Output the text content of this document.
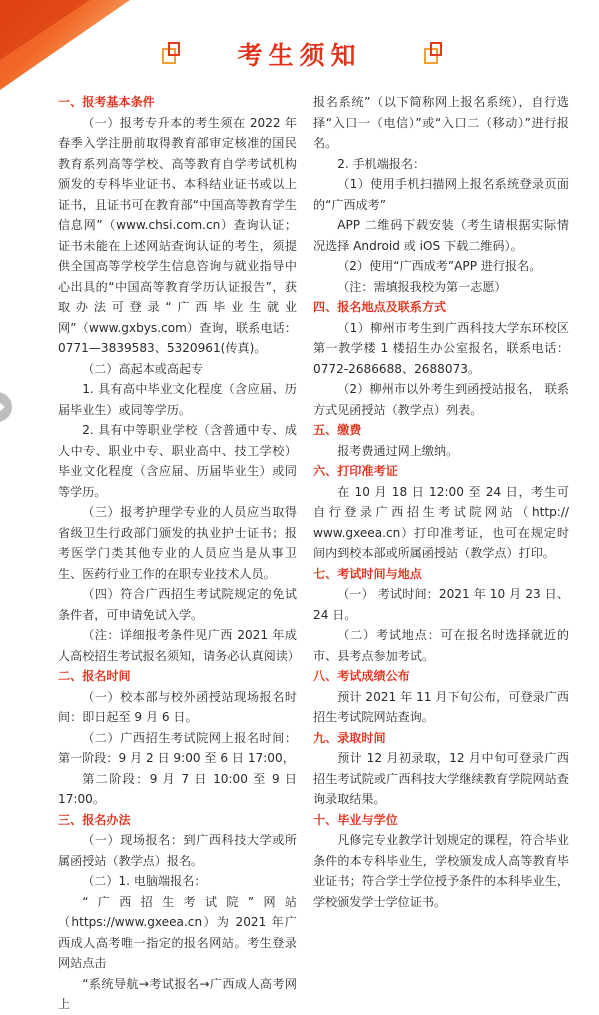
考生须知

一、报考基本条件

（一）报考专升本的考生须在 2022 年春季入学注册前取得教育部审定核准的国民教育系列高等学校、高等教育自学考试机构颁发的专科毕业证书、本科结业证书或以上证书，且证书可在教育部“中国高等教育学生信息网”（www.chsi.com.cn）查询认证；证书未能在上述网站查询认证的考生，须提供全国高等学校学生信息咨询与就业指导中心出具的“中国高等教育学历认证报告”，获取办法可登录“广西毕业生就业网”（www.gxbys.com）查询，联系电话：0771—3839583、5320961(传真)。

（二）高起本或高起专

1. 具有高中毕业文化程度（含应届、历届毕业生）或同等学历。

2. 具有中等职业学校（含普通中专、成人中专、职业中专、职业高中、技工学校） 毕业文化程度（含应届、历届毕业生）或同等学历。

（三）报考护理学专业的人员应当取得省级卫生行政部门颁发的执业护士证书；报考医学门类其他专业的人员应当是从事卫生、医药行业工作的在职专业技术人员。

（四）符合广西招生考试院规定的免试条件者，可申请免试入学。

（注：详细报考条件见广西 2021 年成人高校招生考试报名须知，请务必认真阅读）

二、报名时间

（一）校本部与校外函授站现场报名时间：即日起至 9 月 6 日。

（二）广西招生考试院网上报名时间：第一阶段：9 月 2 日 9:00 至 6 日 17:00，

第二阶段：9 月 7 日 10:00 至 9 日 17:00。

三、报名办法

（一）现场报名：到广西科技大学或所属函授站（教学点）报名。

（二）1. 电脑端报名：

“广西招生考试院”网站（https://www.gxeea.cn）为 2021 年广西成人高考唯一指定的报名网站。考生登录网站点击

“系统导航→考试报名→广西成人高考网上

报名系统”（以下简称网上报名系统），自行选择“入口一（电信）”或“入口二（移动）”进行报名。

2. 手机端报名：

（1）使用手机扫描网上报名系统登录页面的“广西成考”

APP 二维码下载安装（考生请根据实际情况选择 Android 或 iOS 下载二维码）。

（2）使用“广西成考”APP 进行报名。

（注：需填报我校为第一志愿）

四、报名地点及联系方式

（1）柳州市考生到广西科技大学东环校区第一教学楼 1 楼招生办公室报名，联系电话：0772-2686688、2688073。

（2）柳州市以外考生到函授站报名， 联系方式见函授站（教学点）列表。

五、缴费

报考费通过网上缴纳。

六、打印准考证

在 10 月 18 日 12:00 至 24 日，考生可自行登录广西招生考试院网站（http:// www.gxeea.cn）打印准考证，也可在规定时间内到校本部或所属函授站（教学点）打印。

七、考试时间与地点

（一） 考试时间：2021 年 10 月 23 日、24 日。

（二）考试地点：可在报名时选择就近的市、县考点参加考试。

八、考试成绩公布

预计 2021 年 11 月下旬公布，可登录广西招生考试院网站查询。

九、录取时间

预计 12 月初录取，12 月中旬可登录广西招生考试院或广西科技大学继续教育学院网站查询录取结果。

十、毕业与学位

凡修完专业教学计划规定的课程，符合毕业条件的本专科毕业生，学校颁发成人高等教育毕业证书；符合学士学位授予条件的本科毕业生，学校颁发学士学位证书。
